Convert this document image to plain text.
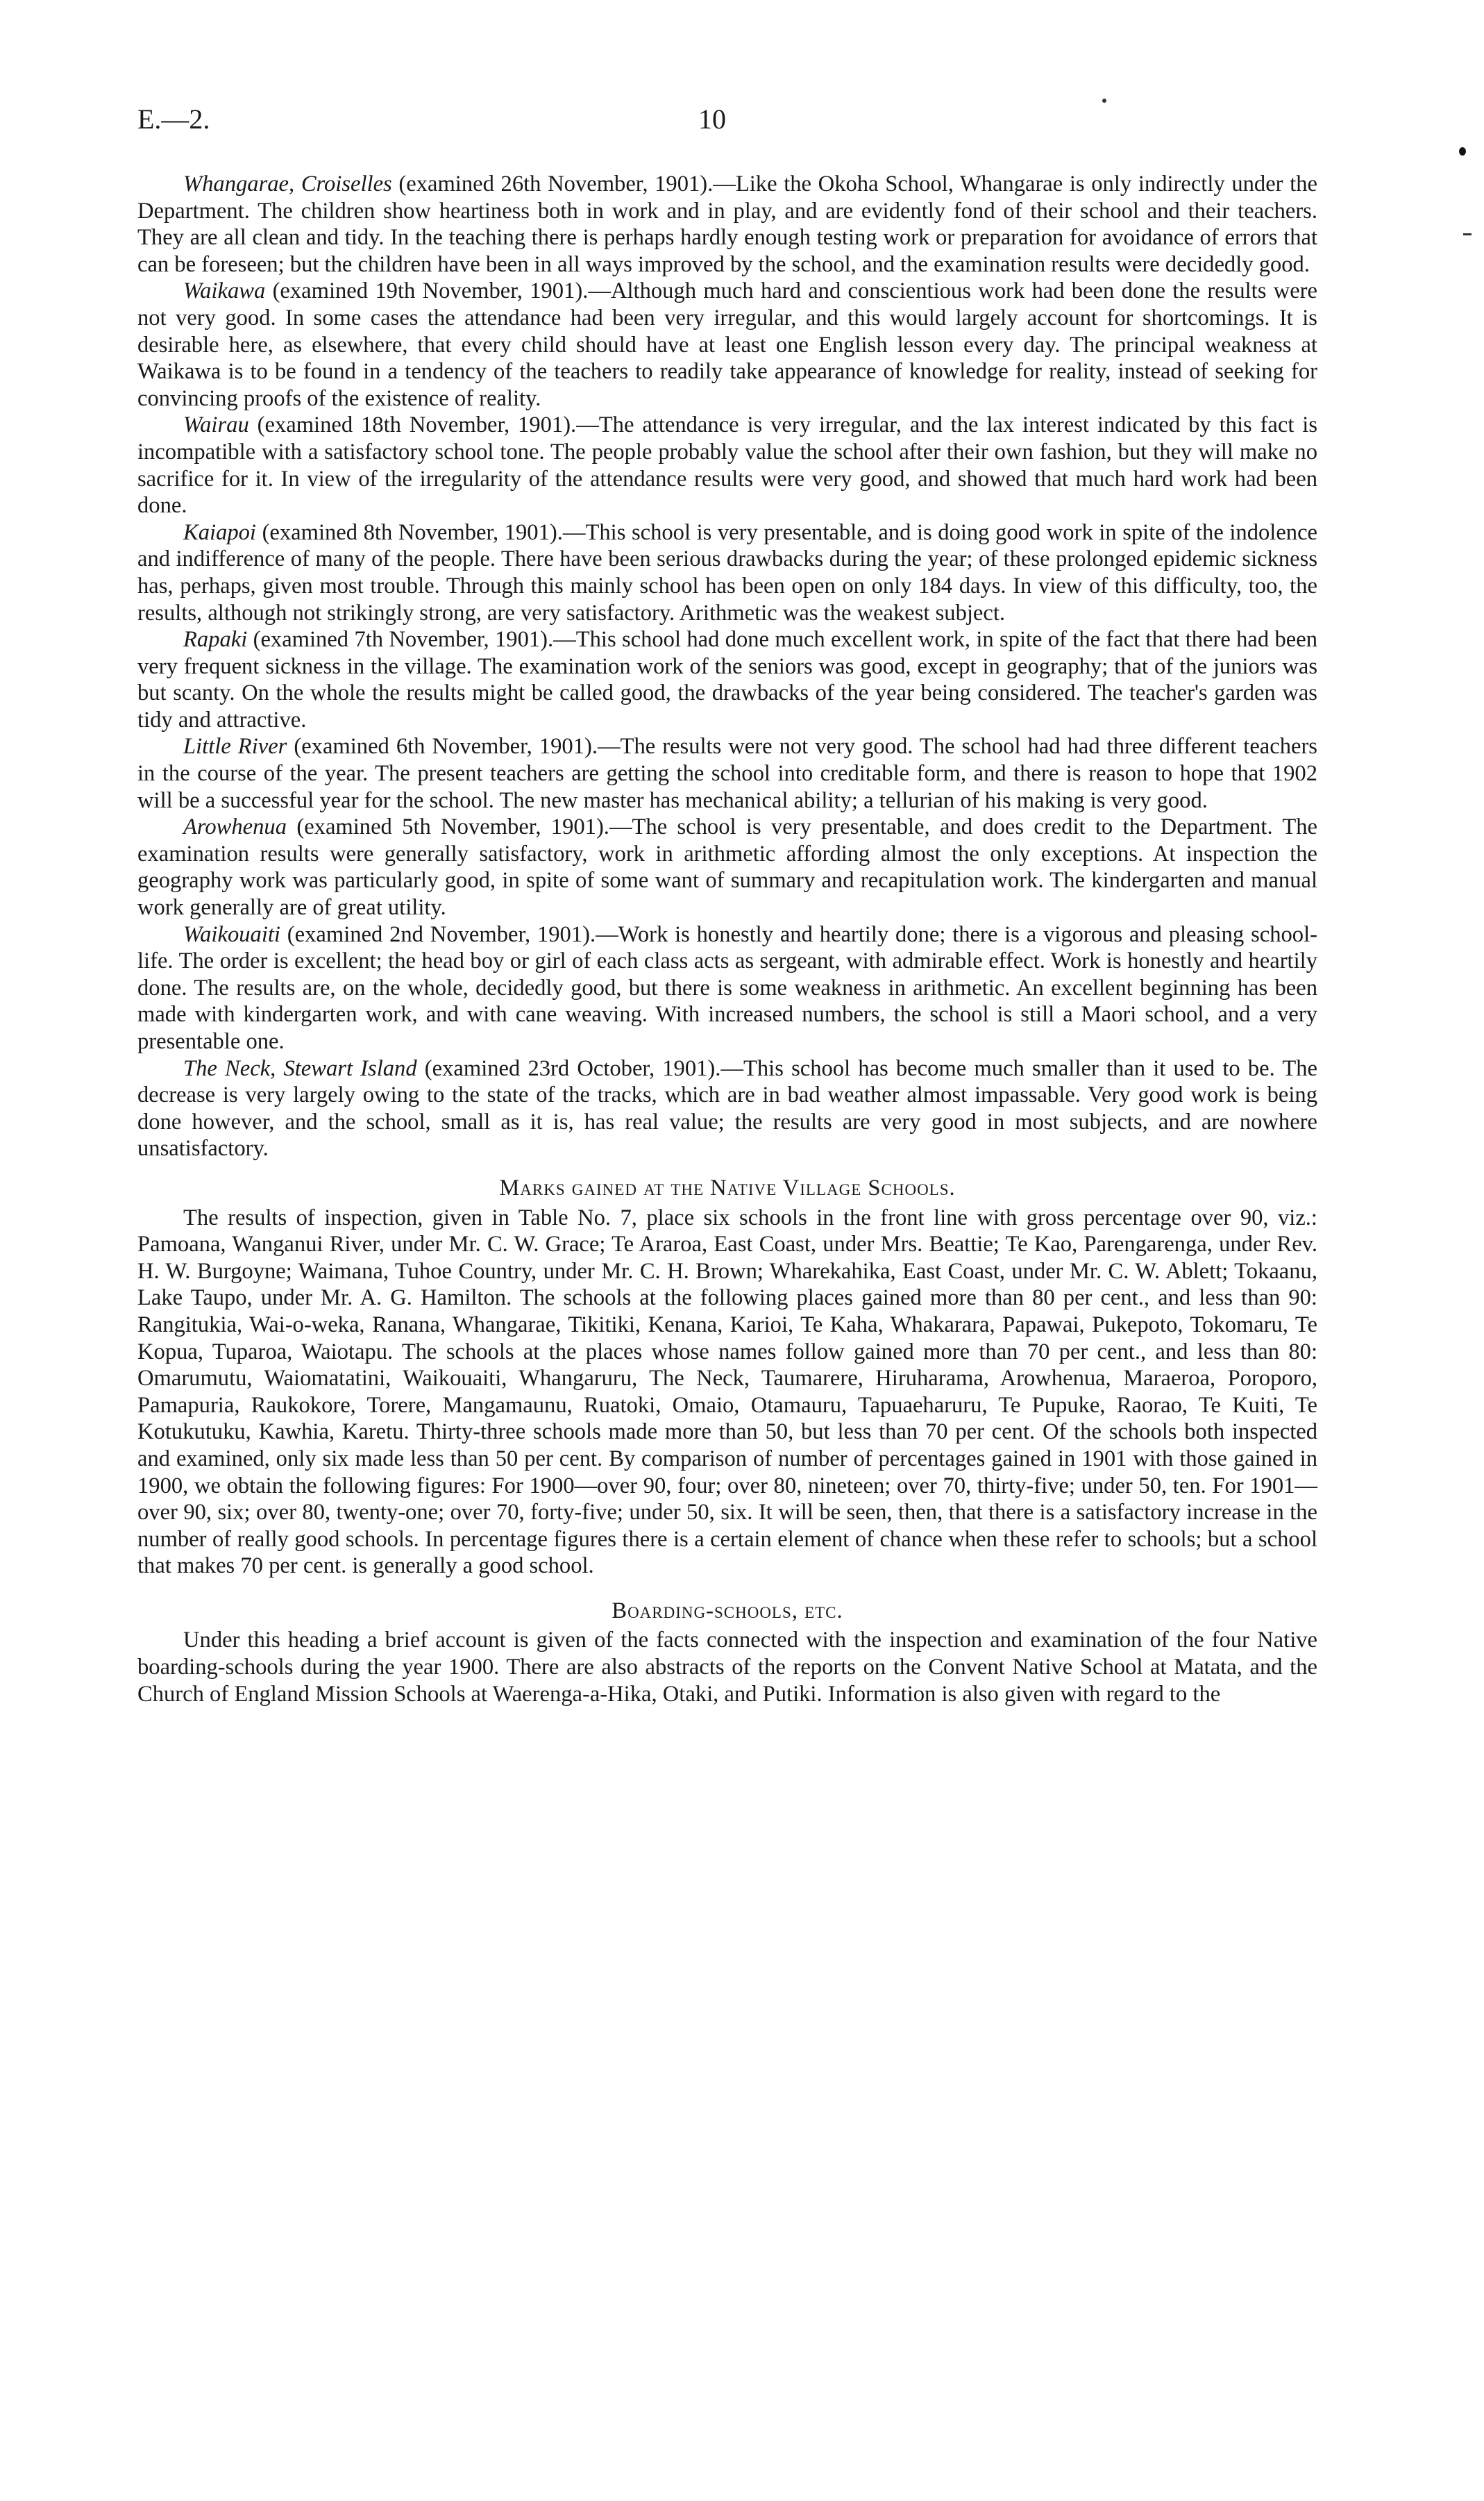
E.—2.	10

Whangarae, Croiselles (examined 26th November, 1901).—Like the Okoha School, Whangarae is only indirectly under the Department. The children show heartiness both in work and in play, and are evidently fond of their school and their teachers. They are all clean and tidy. In the teaching there is perhaps hardly enough testing work or preparation for avoidance of errors that can be foreseen; but the children have been in all ways improved by the school, and the examination results were decidedly good.

Waikawa (examined 19th November, 1901).—Although much hard and conscientious work had been done the results were not very good. In some cases the attendance had been very irregular, and this would largely account for shortcomings. It is desirable here, as elsewhere, that every child should have at least one English lesson every day. The principal weakness at Waikawa is to be found in a tendency of the teachers to readily take appearance of knowledge for reality, instead of seeking for convincing proofs of the existence of reality.

Wairau (examined 18th November, 1901).—The attendance is very irregular, and the lax interest indicated by this fact is incompatible with a satisfactory school tone. The people probably value the school after their own fashion, but they will make no sacrifice for it. In view of the irregularity of the attendance results were very good, and showed that much hard work had been done.

Kaiapoi (examined 8th November, 1901).—This school is very presentable, and is doing good work in spite of the indolence and indifference of many of the people. There have been serious drawbacks during the year; of these prolonged epidemic sickness has, perhaps, given most trouble. Through this mainly school has been open on only 184 days. In view of this difficulty, too, the results, although not strikingly strong, are very satisfactory. Arithmetic was the weakest subject.

Rapaki (examined 7th November, 1901).—This school had done much excellent work, in spite of the fact that there had been very frequent sickness in the village. The examination work of the seniors was good, except in geography; that of the juniors was but scanty. On the whole the results might be called good, the drawbacks of the year being considered. The teacher's garden was tidy and attractive.

Little River (examined 6th November, 1901).—The results were not very good. The school had had three different teachers in the course of the year. The present teachers are getting the school into creditable form, and there is reason to hope that 1902 will be a successful year for the school. The new master has mechanical ability; a tellurian of his making is very good.

Arowhenua (examined 5th November, 1901).—The school is very presentable, and does credit to the Department. The examination results were generally satisfactory, work in arithmetic affording almost the only exceptions. At inspection the geography work was particularly good, in spite of some want of summary and recapitulation work. The kindergarten and manual work generally are of great utility.

Waikouaiti (examined 2nd November, 1901).—Work is honestly and heartily done; there is a vigorous and pleasing school-life. The order is excellent; the head boy or girl of each class acts as sergeant, with admirable effect. Work is honestly and heartily done. The results are, on the whole, decidedly good, but there is some weakness in arithmetic. An excellent beginning has been made with kindergarten work, and with cane weaving. With increased numbers, the school is still a Maori school, and a very presentable one.

The Neck, Stewart Island (examined 23rd October, 1901).—This school has become much smaller than it used to be. The decrease is very largely owing to the state of the tracks, which are in bad weather almost impassable. Very good work is being done however, and the school, small as it is, has real value; the results are very good in most subjects, and are nowhere unsatisfactory.

Marks gained at the Native Village Schools.

The results of inspection, given in Table No. 7, place six schools in the front line with gross percentage over 90, viz.: Pamoana, Wanganui River, under Mr. C. W. Grace; Te Araroa, East Coast, under Mrs. Beattie; Te Kao, Parengarenga, under Rev. H. W. Burgoyne; Waimana, Tuhoe Country, under Mr. C. H. Brown; Wharekahika, East Coast, under Mr. C. W. Ablett; Tokaanu, Lake Taupo, under Mr. A. G. Hamilton. The schools at the following places gained more than 80 per cent., and less than 90: Rangitukia, Wai-o-weka, Ranana, Whangarae, Tikitiki, Kenana, Karioi, Te Kaha, Whakarara, Papawai, Pukepoto, Tokomaru, Te Kopua, Tuparoa, Waiotapu. The schools at the places whose names follow gained more than 70 per cent., and less than 80: Omarumutu, Waiomatatini, Waikouaiti, Whangaruru, The Neck, Taumarere, Hiruharama, Arowhenua, Maraeroa, Poroporo, Pamapuria, Raukokore, Torere, Mangamaunu, Ruatoki, Omaio, Otamauru, Tapuaeharuru, Te Pupuke, Raorao, Te Kuiti, Te Kotukutuku, Kawhia, Karetu. Thirty-three schools made more than 50, but less than 70 per cent. Of the schools both inspected and examined, only six made less than 50 per cent. By comparison of number of percentages gained in 1901 with those gained in 1900, we obtain the following figures: For 1900—over 90, four; over 80, nineteen; over 70, thirty-five; under 50, ten. For 1901—over 90, six; over 80, twenty-one; over 70, forty-five; under 50, six. It will be seen, then, that there is a satisfactory increase in the number of really good schools. In percentage figures there is a certain element of chance when these refer to schools; but a school that makes 70 per cent. is generally a good school.

Boarding-schools, etc.

Under this heading a brief account is given of the facts connected with the inspection and examination of the four Native boarding-schools during the year 1900. There are also abstracts of the reports on the Convent Native School at Matata, and the Church of England Mission Schools at Waerenga-a-Hika, Otaki, and Putiki. Information is also given with regard to the
